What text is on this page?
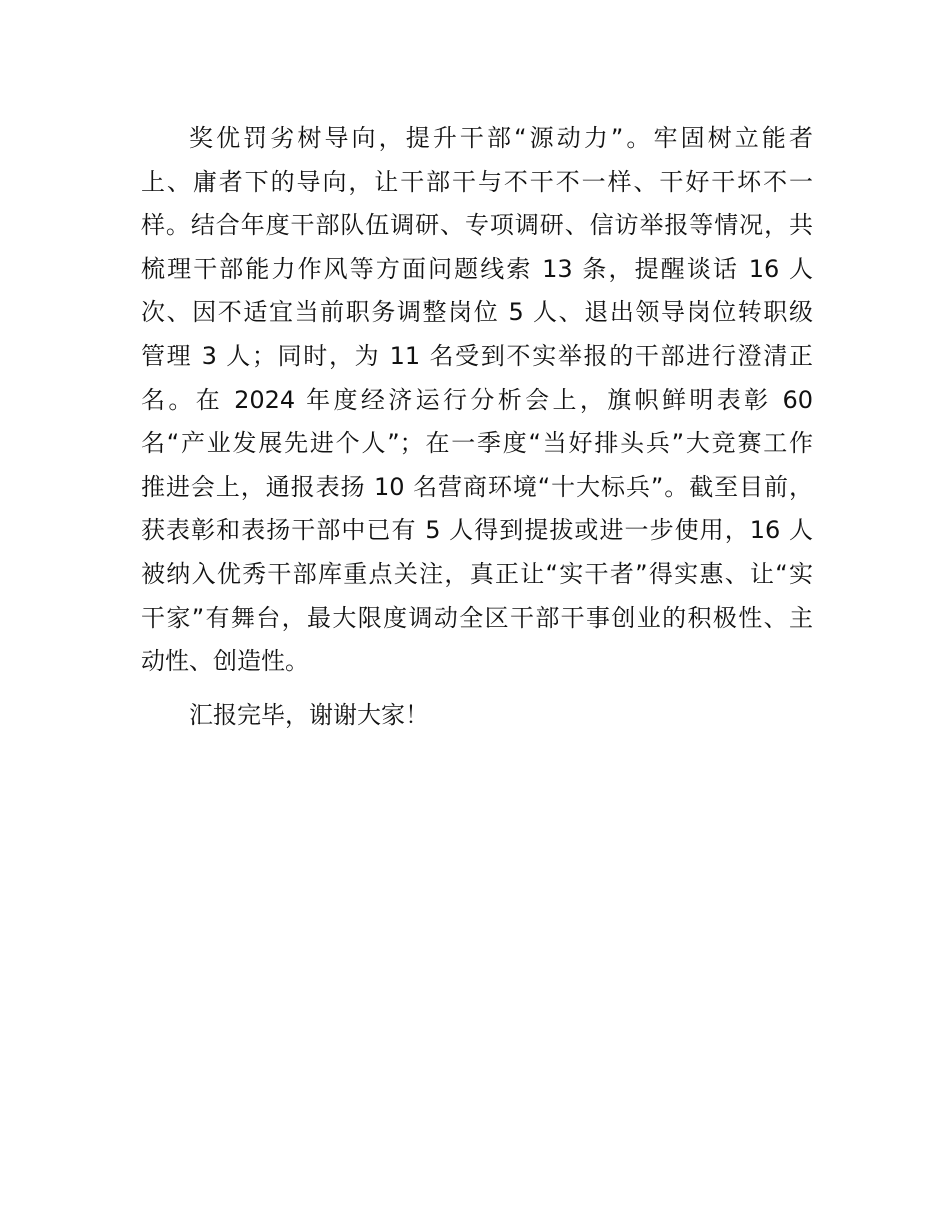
奖优罚劣树导向，提升干部“源动力”。牢固树立能者
上、庸者下的导向，让干部干与不干不一样、干好干坏不一
样。结合年度干部队伍调研、专项调研、信访举报等情况，共
梳理干部能力作风等方面问题线索 13 条，提醒谈话 16 人
次、因不适宜当前职务调整岗位 5 人、退出领导岗位转职级
管理 3 人；同时，为 11 名受到不实举报的干部进行澄清正
名。在 2024 年度经济运行分析会上，旗帜鲜明表彰 60
名“产业发展先进个人”；在一季度“当好排头兵”大竞赛工作
推进会上，通报表扬 10 名营商环境“十大标兵”。截至目前，
获表彰和表扬干部中已有 5 人得到提拔或进一步使用，16 人
被纳入优秀干部库重点关注，真正让“实干者”得实惠、让“实
干家”有舞台，最大限度调动全区干部干事创业的积极性、主
动性、创造性。
汇报完毕，谢谢大家！
